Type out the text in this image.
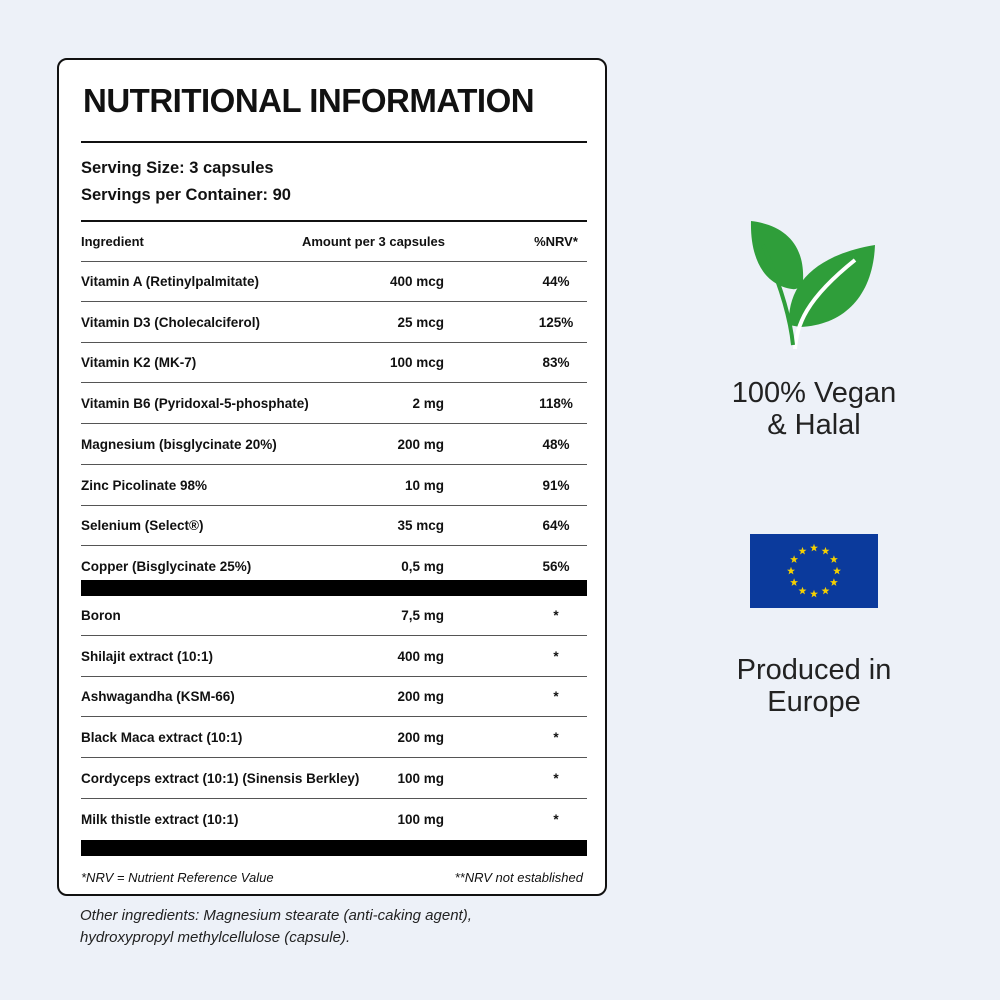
NUTRITIONAL INFORMATION
Serving Size: 3 capsules
Servings per Container: 90
Ingredient	Amount per 3 capsules	%NRV*
Vitamin A (Retinylpalmitate)	400 mcg	44%
Vitamin D3 (Cholecalciferol)	25 mcg	125%
Vitamin K2 (MK-7)	100 mcg	83%
Vitamin B6 (Pyridoxal-5-phosphate)	2 mg	118%
Magnesium (bisglycinate 20%)	200 mg	48%
Zinc Picolinate 98%	10 mg	91%
Selenium (Select®)	35 mcg	64%
Copper (Bisglycinate 25%)	0,5 mg	56%
Boron	7,5 mg	*
Shilajit extract (10:1)	400 mg	*
Ashwagandha (KSM-66)	200 mg	*
Black Maca extract (10:1)	200 mg	*
Cordyceps extract (10:1) (Sinensis Berkley)	100 mg	*
Milk thistle extract (10:1)	100 mg	*
*NRV = Nutrient Reference Value	**NRV not established
Other ingredients: Magnesium stearate (anti-caking agent),
hydroxypropyl methylcellulose (capsule).
100% Vegan
& Halal
Produced in
Europe
